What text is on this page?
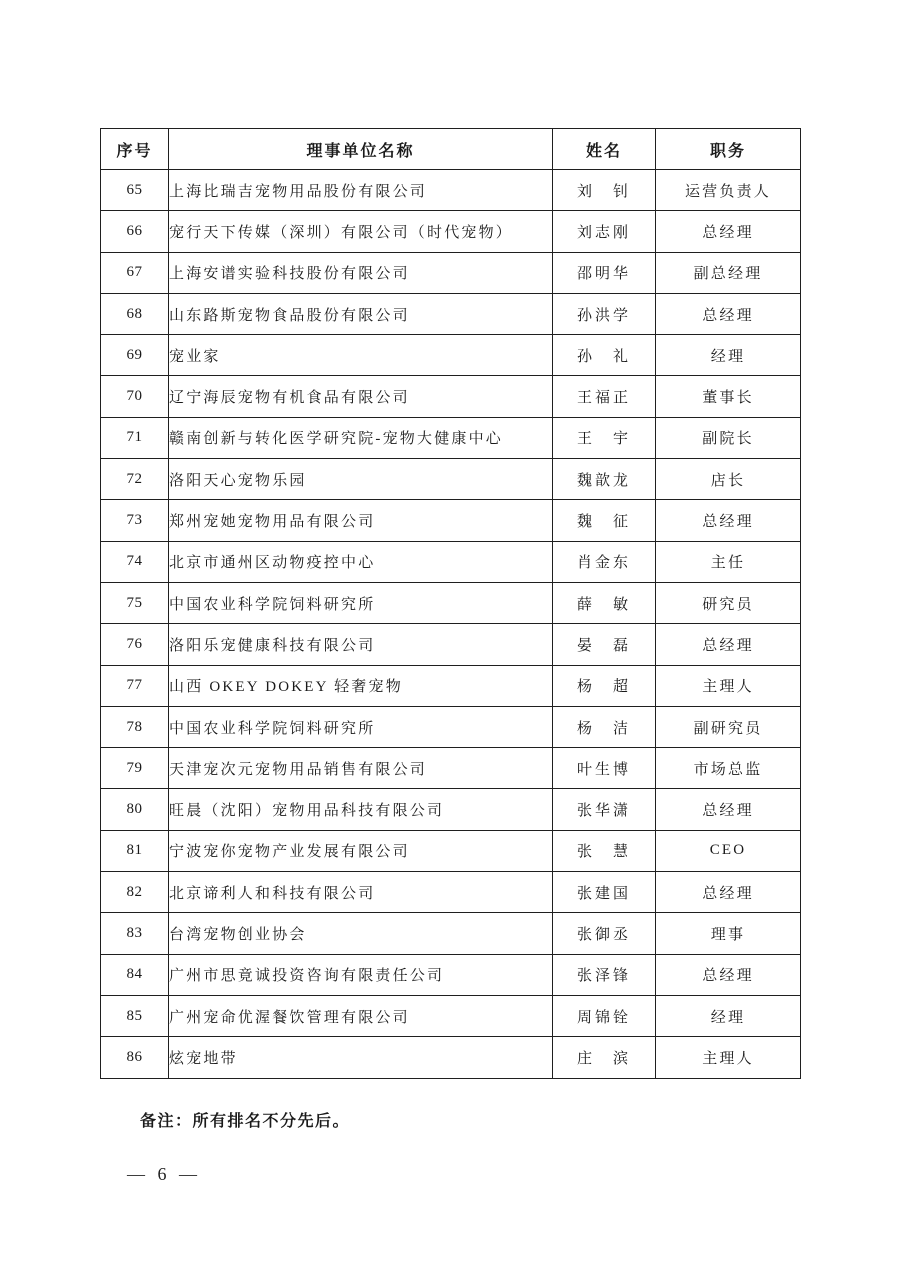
序号	理事单位名称	姓名	职务
65	上海比瑞吉宠物用品股份有限公司	刘　钊	运营负责人
66	宠行天下传媒（深圳）有限公司（时代宠物）	刘志刚	总经理
67	上海安谱实验科技股份有限公司	邵明华	副总经理
68	山东路斯宠物食品股份有限公司	孙洪学	总经理
69	宠业家	孙　礼	经理
70	辽宁海辰宠物有机食品有限公司	王福正	董事长
71	赣南创新与转化医学研究院-宠物大健康中心	王　宇	副院长
72	洛阳天心宠物乐园	魏歆龙	店长
73	郑州宠她宠物用品有限公司	魏　征	总经理
74	北京市通州区动物疫控中心	肖金东	主任
75	中国农业科学院饲料研究所	薛　敏	研究员
76	洛阳乐宠健康科技有限公司	晏　磊	总经理
77	山西 OKEY DOKEY 轻奢宠物	杨　超	主理人
78	中国农业科学院饲料研究所	杨　洁	副研究员
79	天津宠次元宠物用品销售有限公司	叶生博	市场总监
80	旺晨（沈阳）宠物用品科技有限公司	张华潇	总经理
81	宁波宠你宠物产业发展有限公司	张　慧	CEO
82	北京谛利人和科技有限公司	张建国	总经理
83	台湾宠物创业协会	张御丞	理事
84	广州市思竟诚投资咨询有限责任公司	张泽锋	总经理
85	广州宠命优渥餐饮管理有限公司	周锦铨	经理
86	炫宠地带	庄　滨	主理人

备注：所有排名不分先后。

— 6 —
